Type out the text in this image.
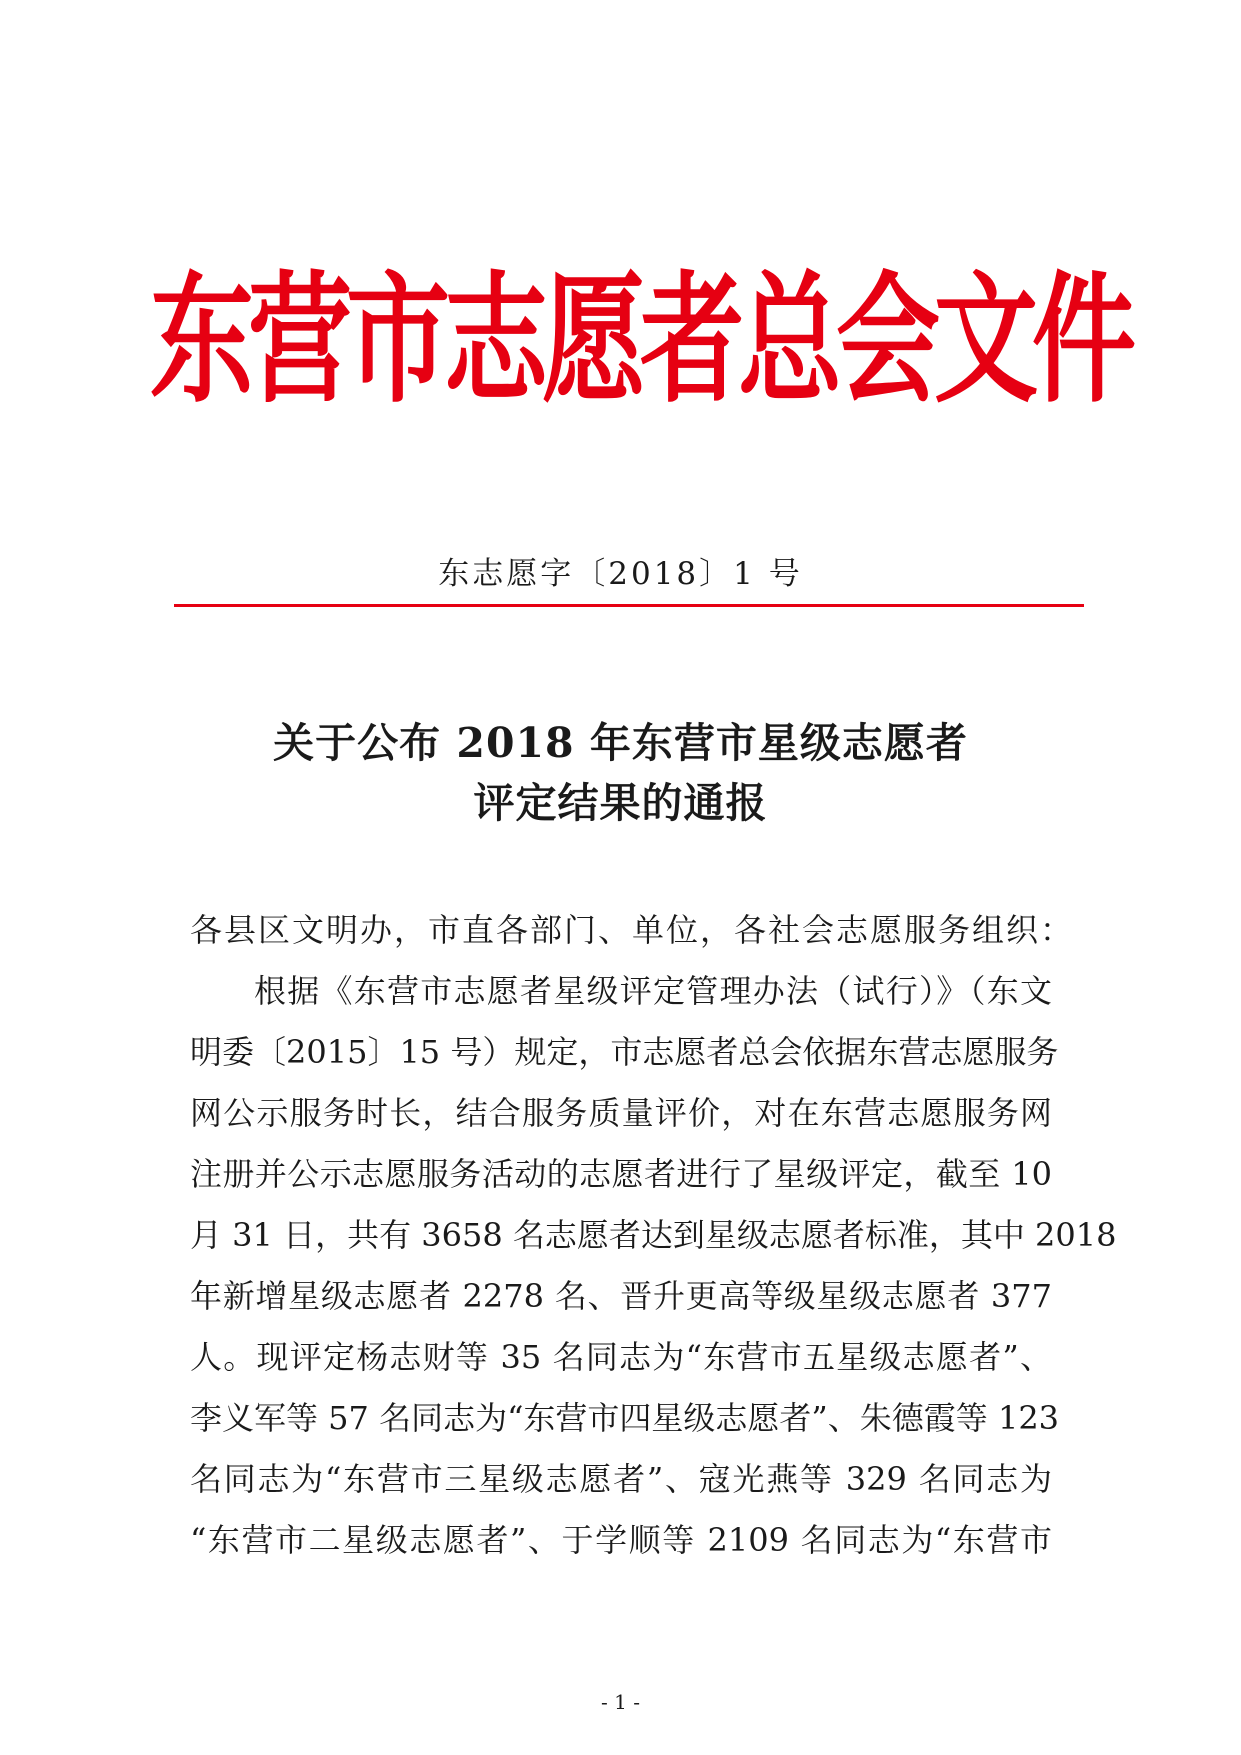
东营市志愿者总会文件
东志愿字〔2018〕1 号
关于公布 2018 年东营市星级志愿者
评定结果的通报
各县区文明办，市直各部门、单位，各社会志愿服务组织：
根据《东营市志愿者星级评定管理办法（试行）》（东文
明委〔2015〕15 号）规定，市志愿者总会依据东营志愿服务
网公示服务时长，结合服务质量评价，对在东营志愿服务网
注册并公示志愿服务活动的志愿者进行了星级评定，截至 10
月 31 日，共有 3658 名志愿者达到星级志愿者标准，其中 2018
年新增星级志愿者 2278 名、晋升更高等级星级志愿者 377
人。现评定杨志财等 35 名同志为“东营市五星级志愿者”、
李义军等 57 名同志为“东营市四星级志愿者”、朱德霞等 123
名同志为“东营市三星级志愿者”、寇光燕等 329 名同志为
“东营市二星级志愿者”、于学顺等 2109 名同志为“东营市
- 1 -
